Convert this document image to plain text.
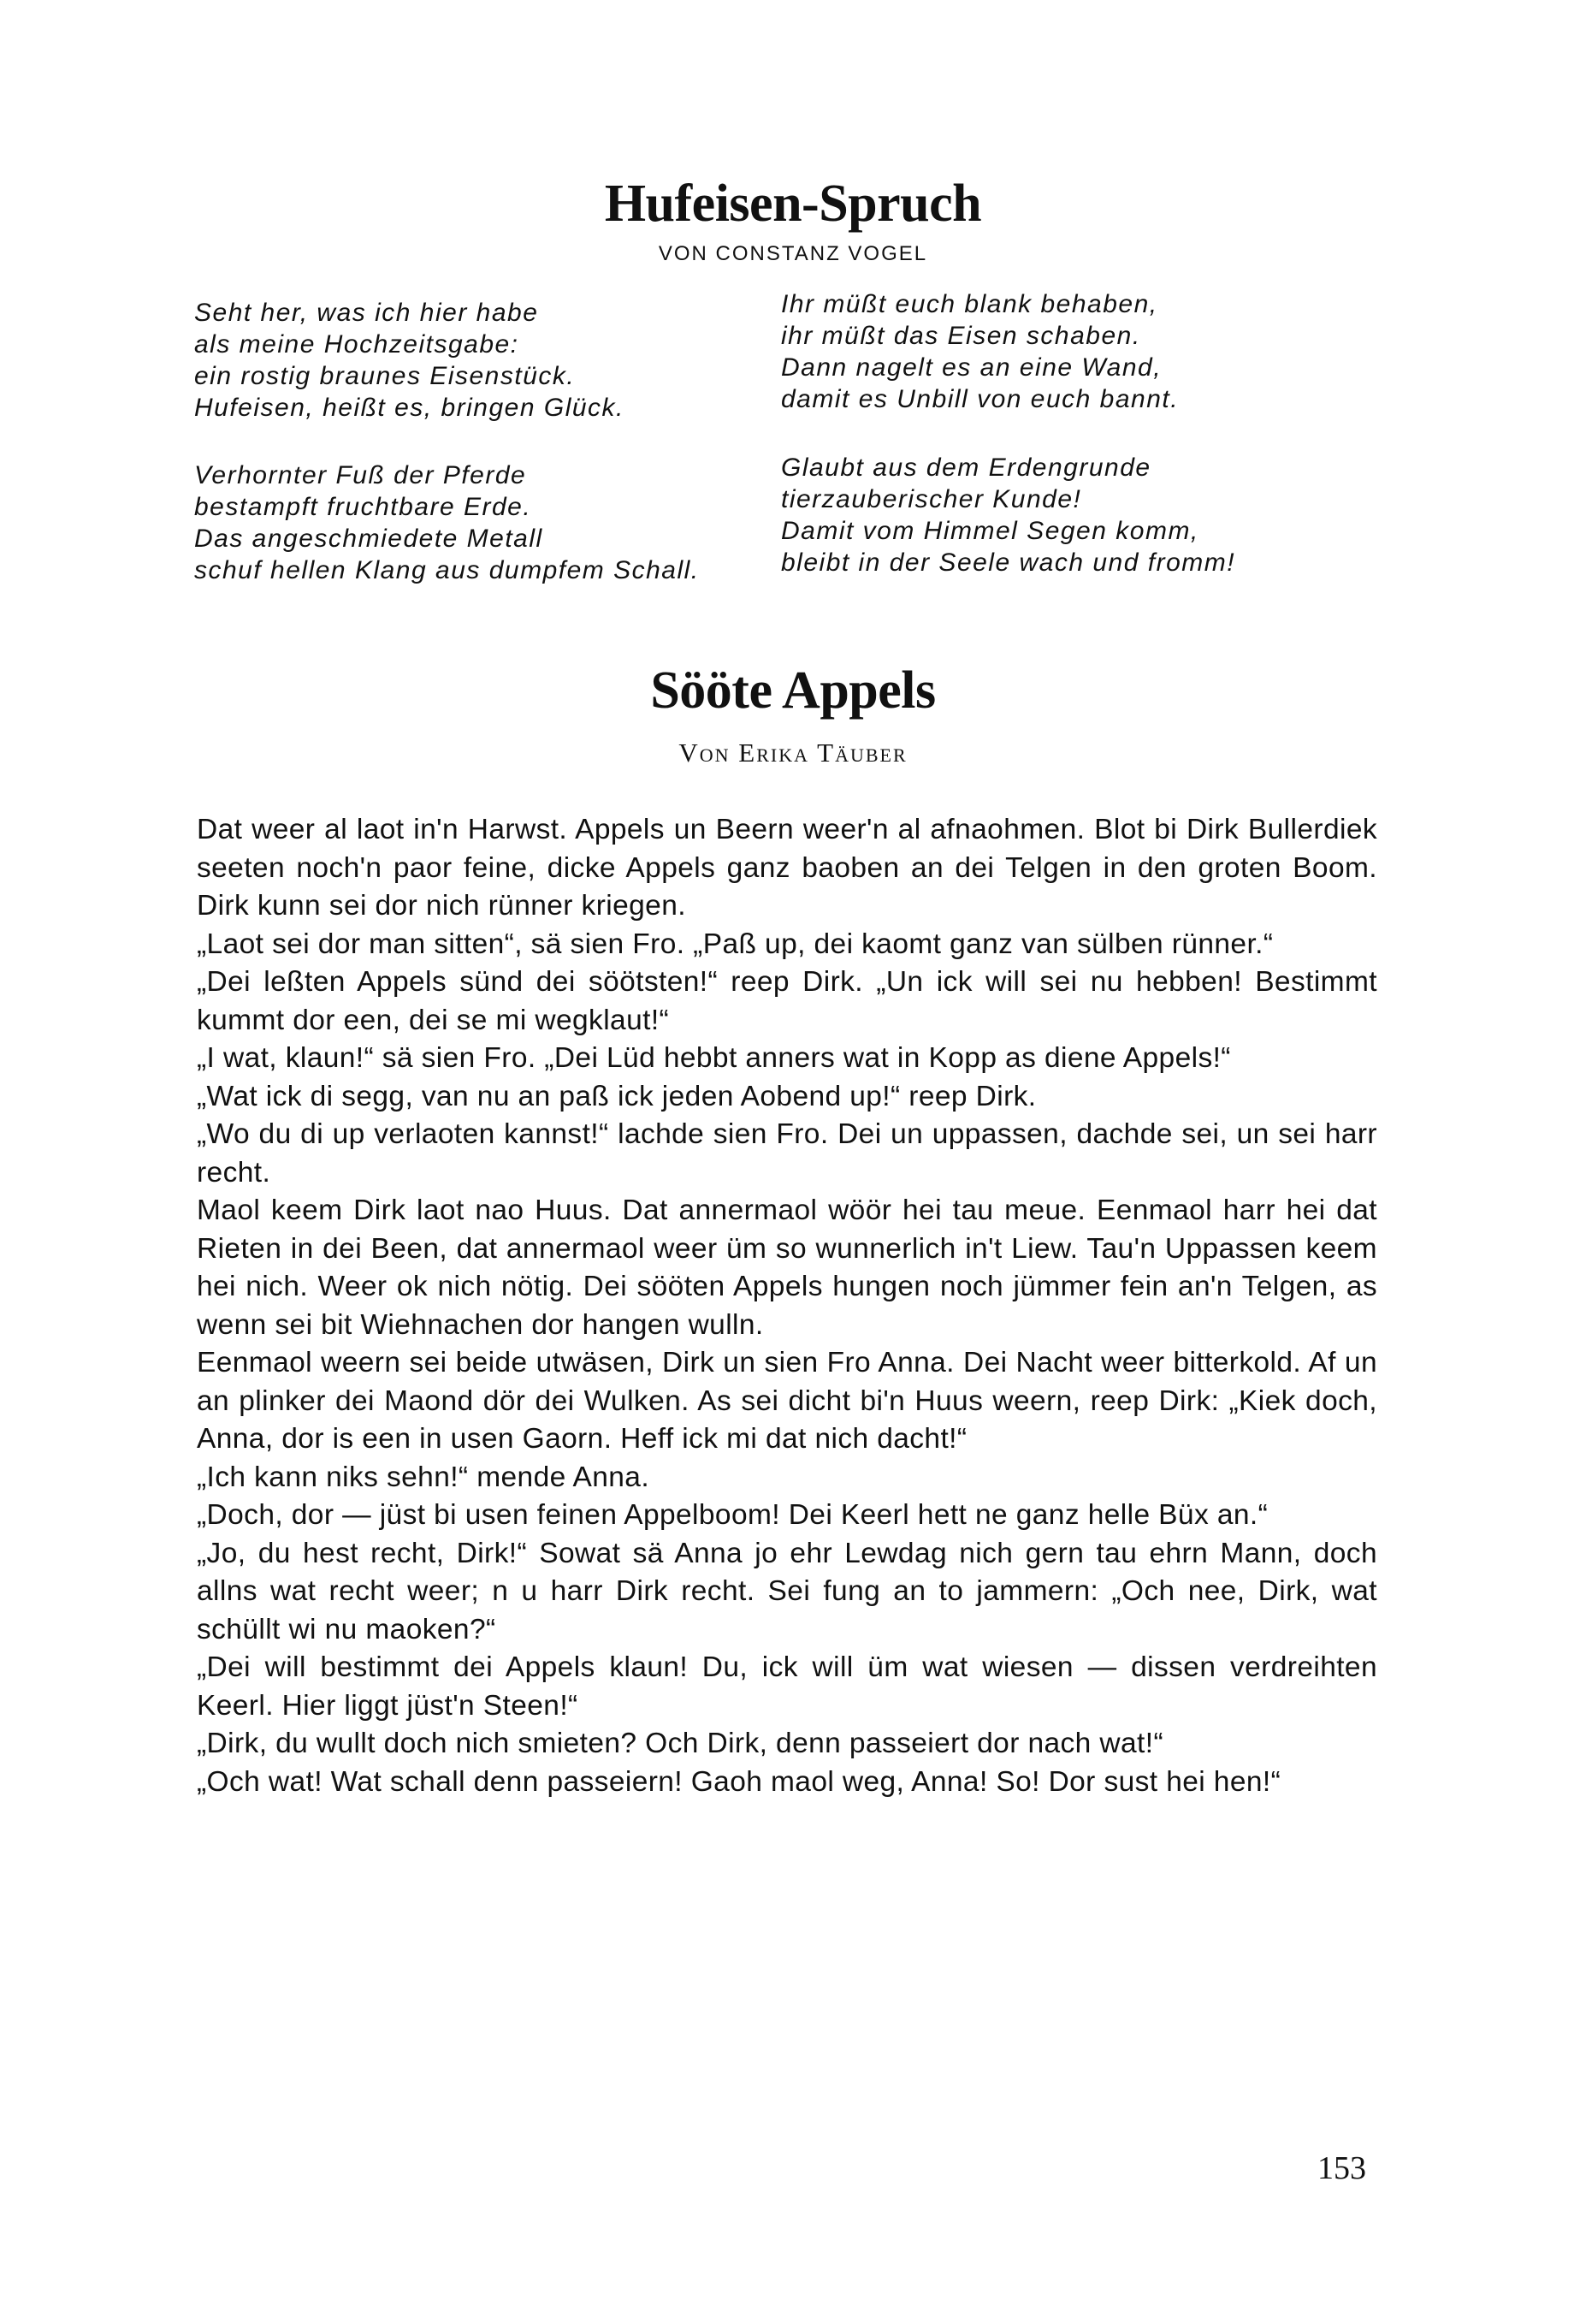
Hufeisen-Spruch
VON CONSTANZ VOGEL
Seht her, was ich hier habe
als meine Hochzeitsgabe:
ein rostig braunes Eisenstück.
Hufeisen, heißt es, bringen Glück.
Ihr müßt euch blank behaben,
ihr müßt das Eisen schaben.
Dann nagelt es an eine Wand,
damit es Unbill von euch bannt.
Verhornter Fuß der Pferde
bestampft fruchtbare Erde.
Das angeschmiedete Metall
schuf hellen Klang aus dumpfem Schall.
Glaubt aus dem Erdengrunde
tierzauberischer Kunde!
Damit vom Himmel Segen komm,
bleibt in der Seele wach und fromm!
Sööte Appels
Von Erika Täuber

Dat weer al laot in'n Harwst. Appels un Beern weer'n al afnaohmen. Blot bi Dirk Bullerdiek seeten noch'n paor feine, dicke Appels ganz baoben an dei Telgen in den groten Boom. Dirk kunn sei dor nich rünner kriegen.

„Laot sei dor man sitten“, sä sien Fro. „Paß up, dei kaomt ganz van sülben rünner.“

„Dei leßten Appels sünd dei söötsten!“ reep Dirk. „Un ick will sei nu hebben! Bestimmt kummt dor een, dei se mi wegklaut!“

„I wat, klaun!“ sä sien Fro. „Dei Lüd hebbt anners wat in Kopp as diene Appels!“

„Wat ick di segg, van nu an paß ick jeden Aobend up!“ reep Dirk.

„Wo du di up verlaoten kannst!“ lachde sien Fro. Dei un uppassen, dachde sei, un sei harr recht.

Maol keem Dirk laot nao Huus. Dat annermaol wöör hei tau meue. Eenmaol harr hei dat Rieten in dei Been, dat annermaol weer üm so wunnerlich in't Liew. Tau'n Uppassen keem hei nich. Weer ok nich nötig. Dei sööten Appels hungen noch jümmer fein an'n Telgen, as wenn sei bit Wiehnachen dor hangen wulln.

Eenmaol weern sei beide utwäsen, Dirk un sien Fro Anna. Dei Nacht weer bitterkold. Af un an plinker dei Maond dör dei Wulken. As sei dicht bi'n Huus weern, reep Dirk: „Kiek doch, Anna, dor is een in usen Gaorn. Heff ick mi dat nich dacht!“

„Ich kann niks sehn!“ mende Anna.

„Doch, dor — jüst bi usen feinen Appelboom! Dei Keerl hett ne ganz helle Büx an.“

„Jo, du hest recht, Dirk!“ Sowat sä Anna jo ehr Lewdag nich gern tau ehrn Mann, doch allns wat recht weer; n u harr Dirk recht. Sei fung an to jammern: „Och nee, Dirk, wat schüllt wi nu maoken?“

„Dei will bestimmt dei Appels klaun! Du, ick will üm wat wiesen — dissen verdreihten Keerl. Hier liggt jüst'n Steen!“

„Dirk, du wullt doch nich smieten? Och Dirk, denn passeiert dor nach wat!“

„Och wat! Wat schall denn passeiern! Gaoh maol weg, Anna! So! Dor sust hei hen!“

153
